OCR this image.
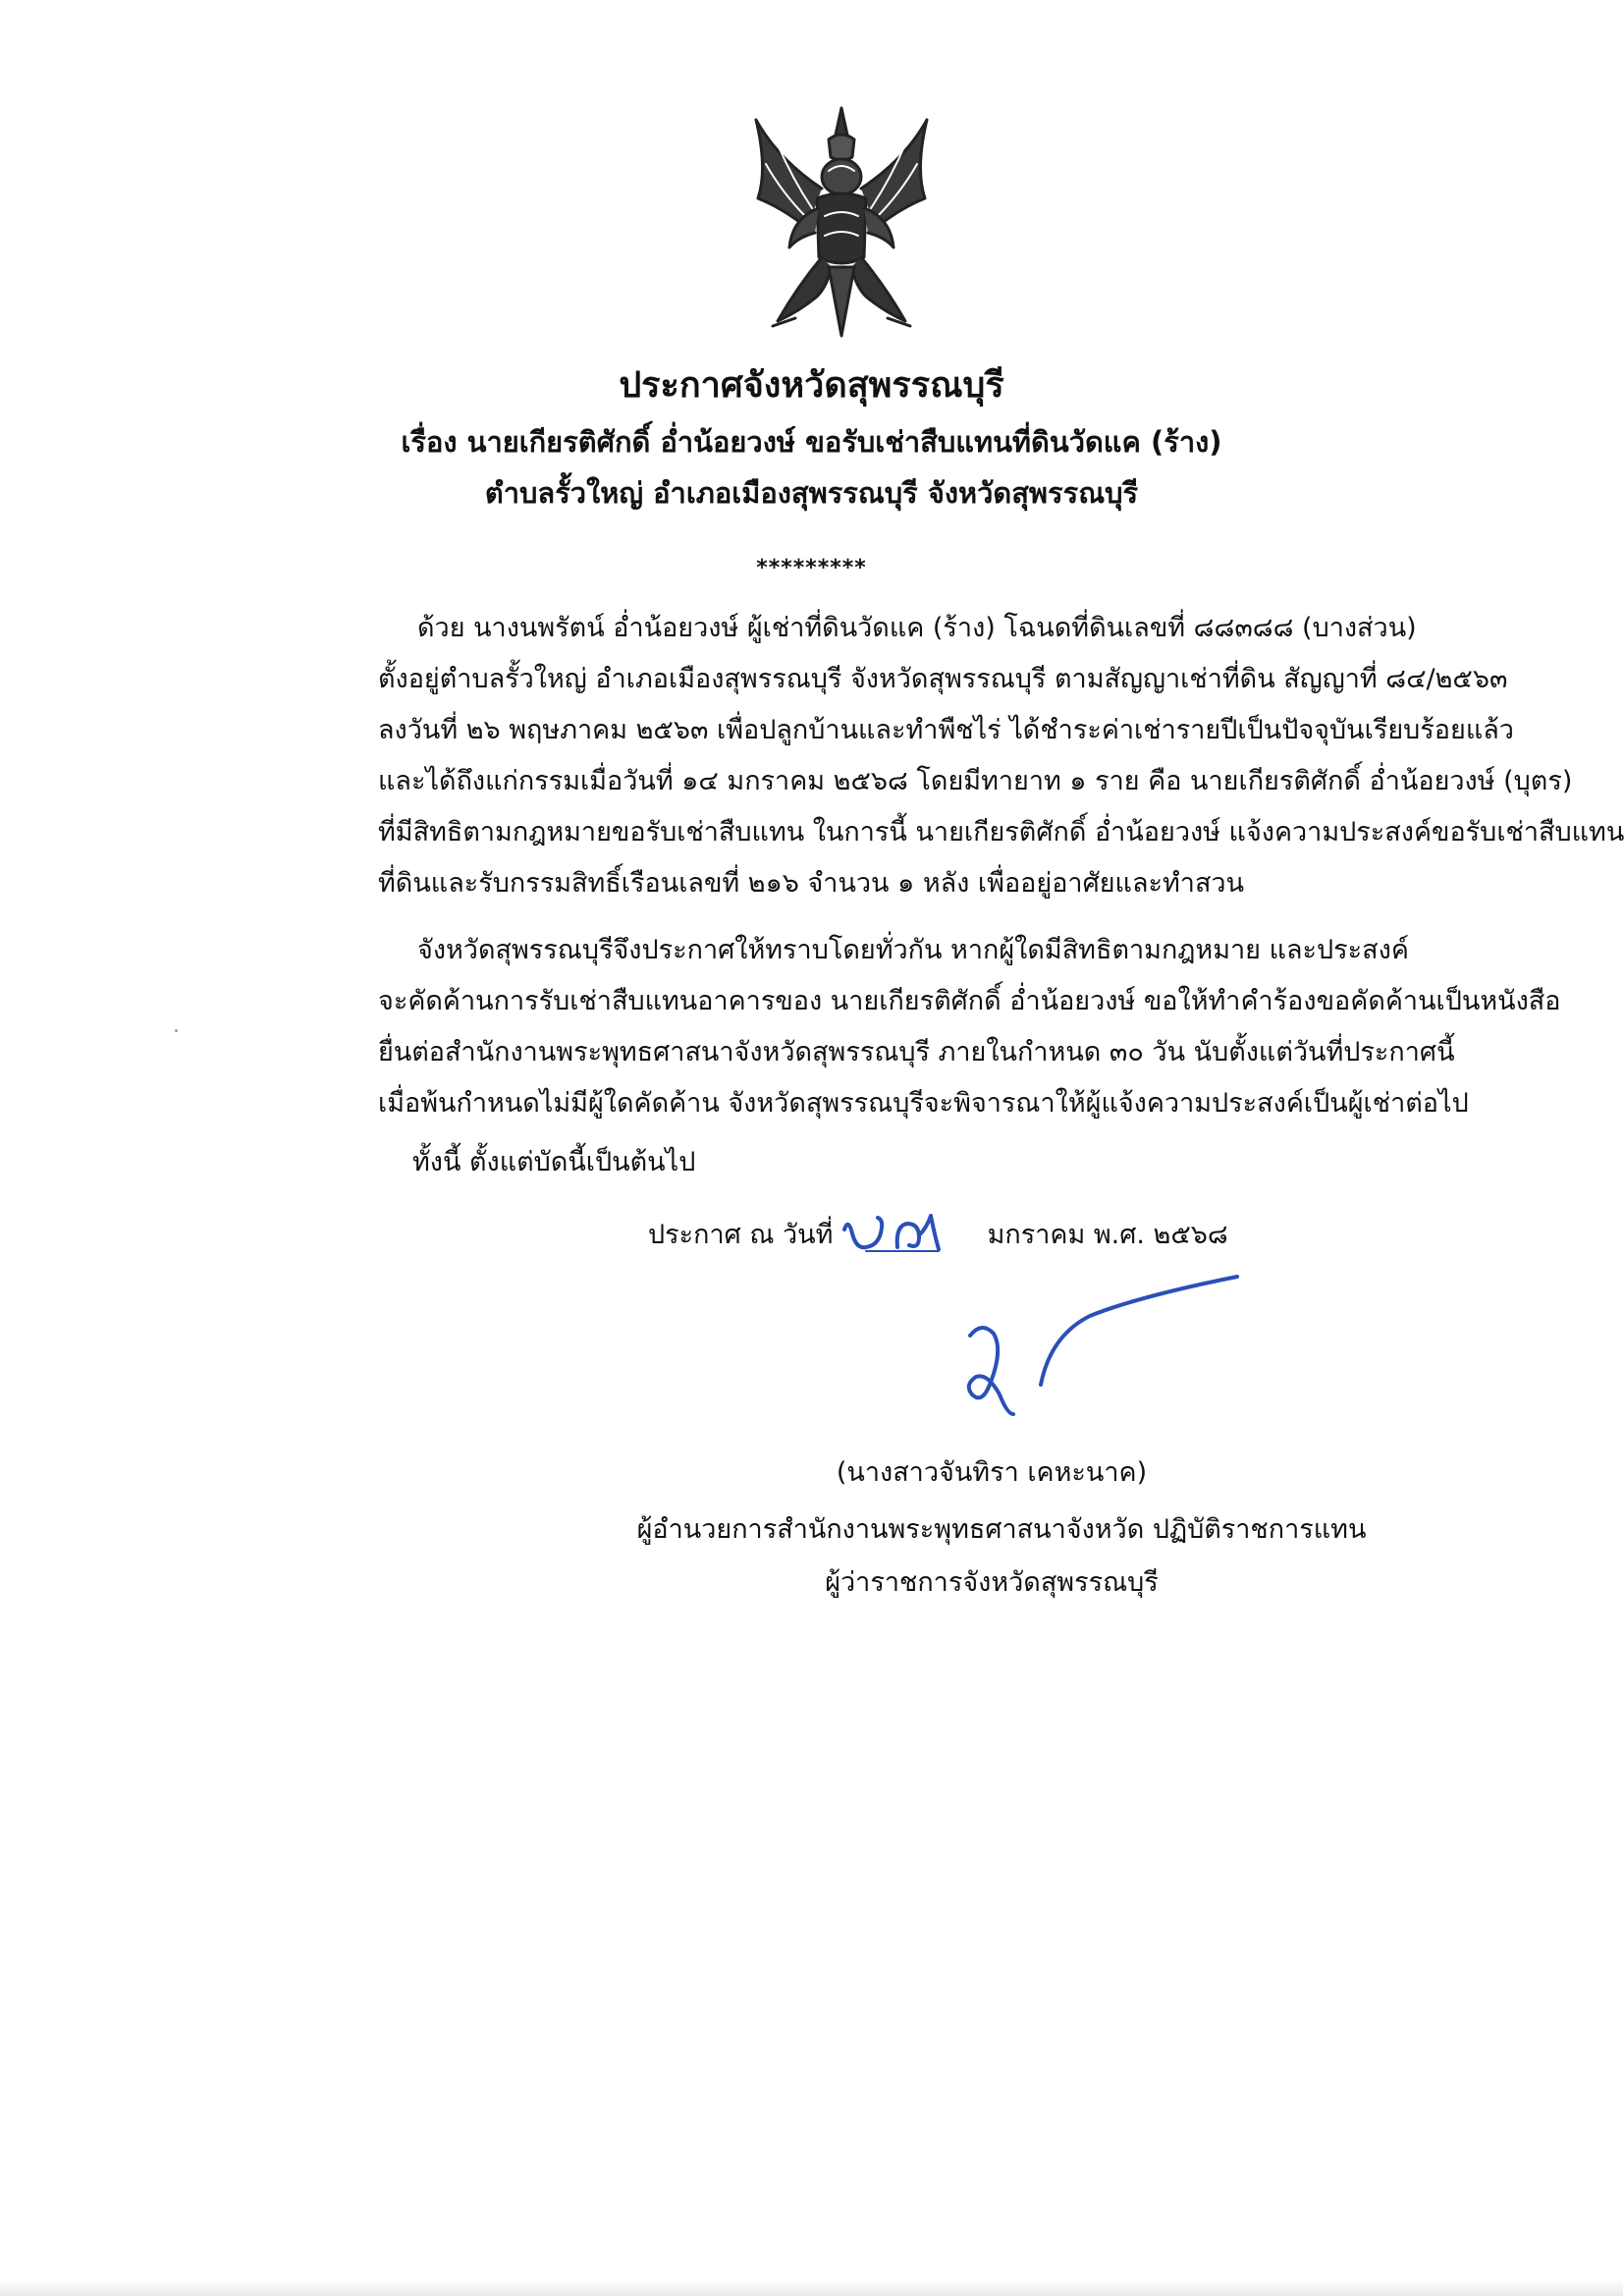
ประกาศจังหวัดสุพรรณบุรี
เรื่อง นายเกียรติศักดิ์ อ่ำน้อยวงษ์ ขอรับเช่าสืบแทนที่ดินวัดแค (ร้าง)
ตำบลรั้วใหญ่ อำเภอเมืองสุพรรณบุรี จังหวัดสุพรรณบุรี
*********
ด้วย นางนพรัตน์ อ่ำน้อยวงษ์ ผู้เช่าที่ดินวัดแค (ร้าง) โฉนดที่ดินเลขที่ ๘๘๓๘๘ (บางส่วน)
ตั้งอยู่ตำบลรั้วใหญ่ อำเภอเมืองสุพรรณบุรี จังหวัดสุพรรณบุรี ตามสัญญาเช่าที่ดิน สัญญาที่ ๘๔/๒๕๖๓
ลงวันที่ ๒๖ พฤษภาคม ๒๕๖๓ เพื่อปลูกบ้านและทำพืชไร่ ได้ชำระค่าเช่ารายปีเป็นปัจจุบันเรียบร้อยแล้ว
และได้ถึงแก่กรรมเมื่อวันที่ ๑๔ มกราคม ๒๕๖๘ โดยมีทายาท ๑ ราย คือ นายเกียรติศักดิ์ อ่ำน้อยวงษ์ (บุตร)
ที่มีสิทธิตามกฎหมายขอรับเช่าสืบแทน ในการนี้ นายเกียรติศักดิ์ อ่ำน้อยวงษ์ แจ้งความประสงค์ขอรับเช่าสืบแทน
ที่ดินและรับกรรมสิทธิ์เรือนเลขที่ ๒๑๖ จำนวน ๑ หลัง เพื่ออยู่อาศัยและทำสวน
จังหวัดสุพรรณบุรีจึงประกาศให้ทราบโดยทั่วกัน หากผู้ใดมีสิทธิตามกฎหมาย และประสงค์
จะคัดค้านการรับเช่าสืบแทนอาคารของ นายเกียรติศักดิ์ อ่ำน้อยวงษ์ ขอให้ทำคำร้องขอคัดค้านเป็นหนังสือ
ยื่นต่อสำนักงานพระพุทธศาสนาจังหวัดสุพรรณบุรี ภายในกำหนด ๓๐ วัน นับตั้งแต่วันที่ประกาศนี้
เมื่อพ้นกำหนดไม่มีผู้ใดคัดค้าน จังหวัดสุพรรณบุรีจะพิจารณาให้ผู้แจ้งความประสงค์เป็นผู้เช่าต่อไป
ทั้งนี้ ตั้งแต่บัดนี้เป็นต้นไป
ประกาศ ณ วันที่	มกราคม พ.ศ. ๒๕๖๘
(นางสาวจันทิรา เคหะนาค)
ผู้อำนวยการสำนักงานพระพุทธศาสนาจังหวัด ปฏิบัติราชการแทน
ผู้ว่าราชการจังหวัดสุพรรณบุรี
